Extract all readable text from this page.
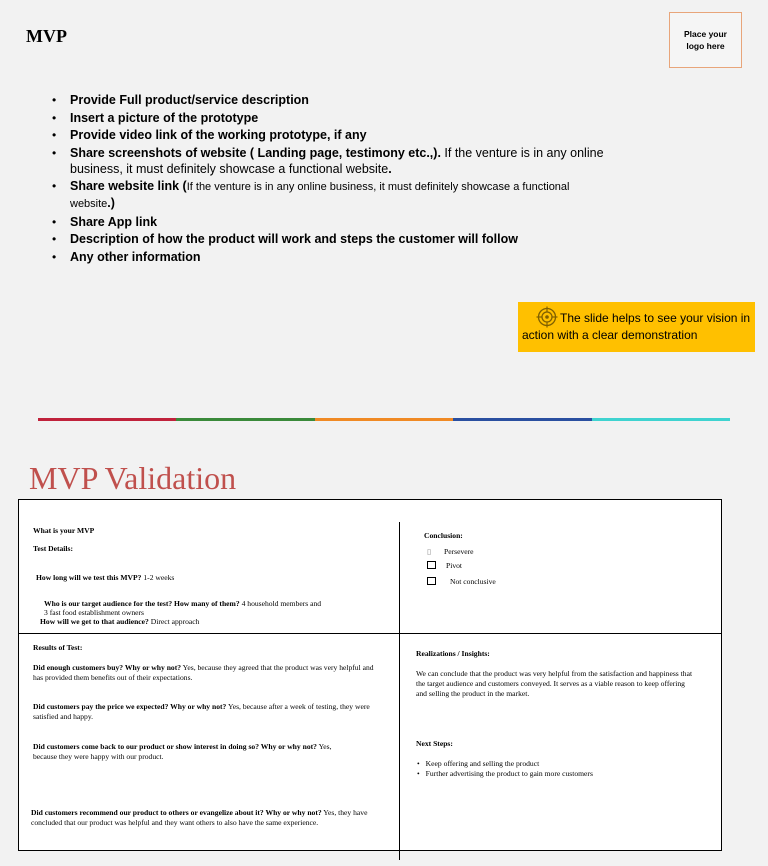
MVP	Place your logo here
• Provide Full product/service description
• Insert a picture of the prototype
• Provide video link of the working prototype, if any
• Share screenshots of website ( Landing page, testimony etc.,). If the venture is in any online business, it must definitely showcase a functional website.
• Share website link (If the venture is in any online business, it must definitely showcase a functional website.)
• Share App link
• Description of how the product will work and steps the customer will follow
• Any other information
The slide helps to see your vision in action with a clear demonstration
MVP Validation
What is your MVP
Test Details:
How long will we test this MVP? 1-2 weeks
Who is our target audience for the test? How many of them? 4 household members and
3 fast food establishment owners
How will we get to that audience? Direct approach
Conclusion:
▯ Persevere
Pivot
Not conclusive
Results of Test:
Did enough customers buy? Why or why not? Yes, because they agreed that the product was very helpful and has provided them benefits out of their expectations.
Did customers pay the price we expected? Why or why not? Yes, because after a week of testing, they were satisfied and happy.
Did customers come back to our product or show interest in doing so? Why or why not? Yes, because they were happy with our product.
Did customers recommend our product to others or evangelize about it? Why or why not? Yes, they have concluded that our product was helpful and they want others to also have the same experience.
Realizations / Insights:
We can conclude that the product was very helpful from the satisfaction and happiness that the target audience and customers conveyed. It serves as a viable reason to keep offering and selling the product in the market.
Next Steps:
• Keep offering and selling the product
• Further advertising the product to gain more customers
